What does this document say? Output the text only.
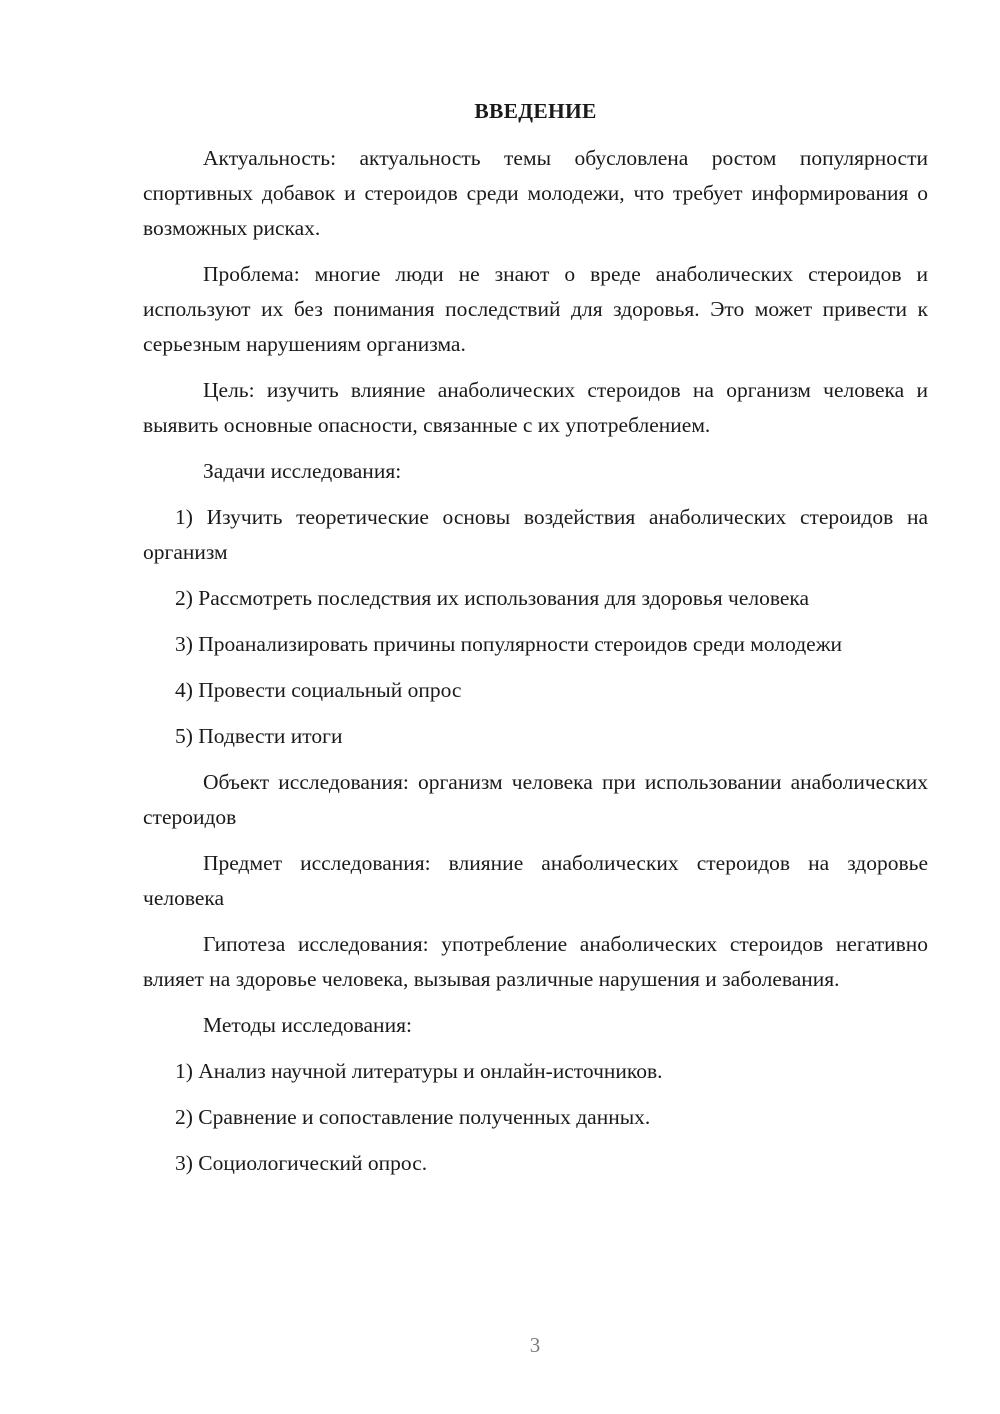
ВВЕДЕНИЕ

Актуальность: актуальность темы обусловлена ростом популярности спортивных добавок и стероидов среди молодежи, что требует информирования о возможных рисках.

Проблема: многие люди не знают о вреде анаболических стероидов и используют их без понимания последствий для здоровья. Это может привести к серьезным нарушениям организма.

Цель: изучить влияние анаболических стероидов на организм человека и выявить основные опасности, связанные с их употреблением.

Задачи исследования:

1) Изучить теоретические основы воздействия анаболических стероидов на организм

2) Рассмотреть последствия их использования для здоровья человека

3) Проанализировать причины популярности стероидов среди молодежи

4) Провести социальный опрос

5) Подвести итоги

Объект исследования: организм человека при использовании анаболических стероидов

Предмет исследования: влияние анаболических стероидов на здоровье человека

Гипотеза исследования: употребление анаболических стероидов негативно влияет на здоровье человека, вызывая различные нарушения и заболевания.

Методы исследования:

1) Анализ научной литературы и онлайн-источников.

2) Сравнение и сопоставление полученных данных.

3) Социологический опрос.

3
